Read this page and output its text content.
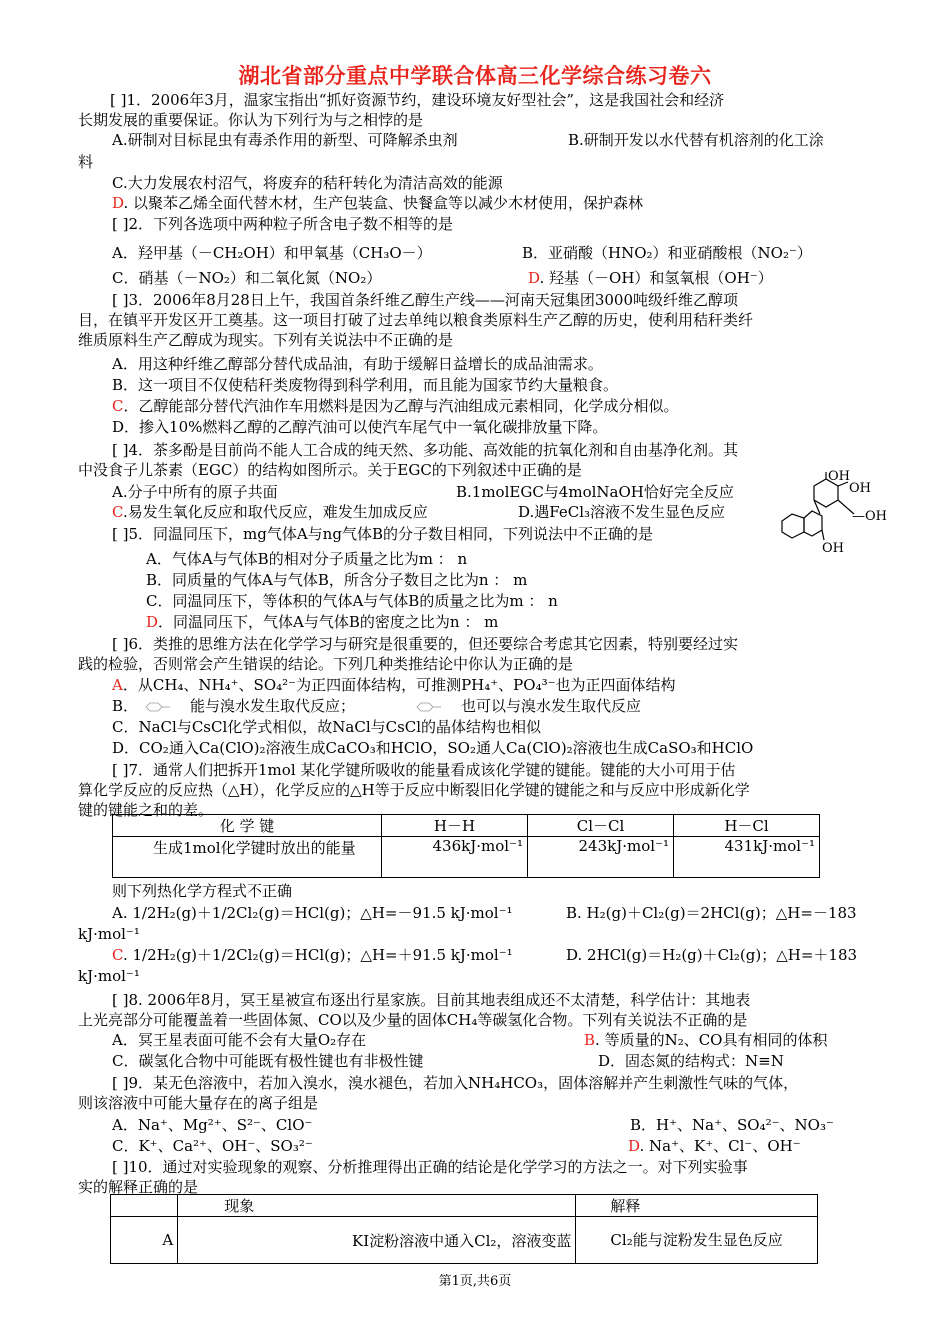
湖北省部分重点中学联合体高三化学综合练习卷六
[ ]1．2006年3月，温家宝指出“抓好资源节约，建设环境友好型社会”，这是我国社会和经济
长期发展的重要保证。你认为下列行为与之相悖的是
A.研制对目标昆虫有毒杀作用的新型、可降解杀虫剂	B.研制开发以水代替有机溶剂的化工涂
料
C.大力发展农村沼气，将废弃的秸秆转化为清洁高效的能源
D. 以聚苯乙烯全面代替木材，生产包装盒、快餐盒等以减少木材使用，保护森林
[ ]2．下列各选项中两种粒子所含电子数不相等 • • •的是
A．羟甲基（－CH₂OH）和甲氧基（CH₃O－）	B．亚硝酸（HNO₂）和亚硝酸根（NO₂⁻）
C．硝基（－NO₂）和二氧化氮（NO₂）	D. 羟基（－OH）和氢氧根（OH⁻）
[ ]3．2006年8月28日上午，我国首条纤维乙醇生产线——河南天冠集团3000吨级纤维乙醇项
目，在镇平开发区开工奠基。这一项目打破了过去单纯以粮食类原料生产乙醇的历史，使利用秸秆类纤
维质原料生产乙醇成为现实。下列有关说法中不正确的是
A．用这种纤维乙醇部分替代成品油，有助于缓解日益增长的成品油需求。
B．这一项目不仅使秸秆类废物得到科学利用，而且能为国家节约大量粮食。
C．乙醇能部分替代汽油作车用燃料是因为乙醇与汽油组成元素相同，化学成分相似。
D．掺入10%燃料乙醇的乙醇汽油可以使汽车尾气中一氧化碳排放量下降。
[ ]4．茶多酚是目前尚不能人工合成的纯天然、多功能、高效能的抗氧化剂和自由基净化剂。其
中没食子儿茶素（EGC）的结构如图所示。关于EGC的下列叙述中正确的是
A.分子中所有的原子共面	B.1molEGC与4molNaOH恰好完全反应
C.易发生氧化反应和取代反应，难发生加成反应	D.遇FeCl₃溶液不发生显色反应
OH
OH
—OH
OH
[ ]5．同温同压下，mg气体A与ng气体B的分子数目相同，下列说法中不正确 • • •的是
A．气体A与气体B的相对分子质量之比为m ： n
B．同质量的气体A与气体B，所含分子数目之比为n ： m
C．同温同压下，等体积的气体A与气体B的质量之比为m ： n
D．同温同压下，气体A与气体B的密度之比为n ： m
[ ]6．类推的思维方法在化学学习与研究是很重要的，但还要综合考虑其它因素，特别要经过实
践的检验，否则常会产生错误的结论。下列几种类推结论中你认为正确的是
A．从CH₄、NH₄⁺、SO₄²⁻为正四面体结构，可推测PH₄⁺、PO₄³⁻也为正四面体结构
B．	能与溴水发生取代反应；	也可以与溴水发生取代反应
C．NaCl与CsCl化学式相似，故NaCl与CsCl的晶体结构也相似
D．CO₂通入Ca(ClO)₂溶液生成CaCO₃和HClO，SO₂通人Ca(ClO)₂溶液也生成CaSO₃和HClO
[ ]7．通常人们把拆开1mol 某化学键所吸收的能量看成该化学键的键能。键能的大小可用于估
算化学反应的反应热（△H），化学反应的△H等于反应中断裂旧化学键的键能之和与反应中形成新化学
键的键能之和的差。
化 学 键	H－H	Cl－Cl	H－Cl
生成1mol化学键时放出的能量	436kJ·mol⁻¹	243kJ·mol⁻¹	431kJ·mol⁻¹
则下列热化学方程式不正确
A. 1/2H₂(g)＋1/2Cl₂(g)＝HCl(g)；△H=－91.5 kJ·mol⁻¹	B. H₂(g)＋Cl₂(g)＝2HCl(g)；△H=－183
kJ·mol⁻¹
C. 1/2H₂(g)＋1/2Cl₂(g)＝HCl(g)；△H=＋91.5 kJ·mol⁻¹	D. 2HCl(g)＝H₂(g)＋Cl₂(g)；△H=＋183
kJ·mol⁻¹
[ ]8. 2006年8月，冥王星被宣布逐出行星家族。目前其地表组成还不太清楚，科学估计：其地表
上光亮部分可能覆盖着一些固体氮、CO以及少量的固体CH₄等碳氢化合物。下列有关说法不正确的是
A．冥王星表面可能不会有大量O₂存在	B. 等质量的N₂、CO具有相同的体积
C．碳氢化合物中可能既有极性键也有非极性键	D．固态氮的结构式：N≡N
[ ]9．某无色溶液中，若加入溴水，溴水褪色，若加入NH₄HCO₃，固体溶解并产生刺激性气味的气体，
则该溶液中可能大量存在的离子组是
A．Na⁺、Mg²⁺、S²⁻、ClO⁻	B．H⁺、Na⁺、SO₄²⁻、NO₃⁻
C．K⁺、Ca²⁺、OH⁻、SO₃²⁻	D. Na⁺、K⁺、Cl⁻、OH⁻
[ ]10．通过对实验现象的观察、分析推理得出正确的结论是化学学习的方法之一。对下列实验事
实的解释正确的是
	现象	解释
A	KI淀粉溶液中通入Cl₂，溶液变蓝	Cl₂能与淀粉发生显色反应
第1页,共6页
